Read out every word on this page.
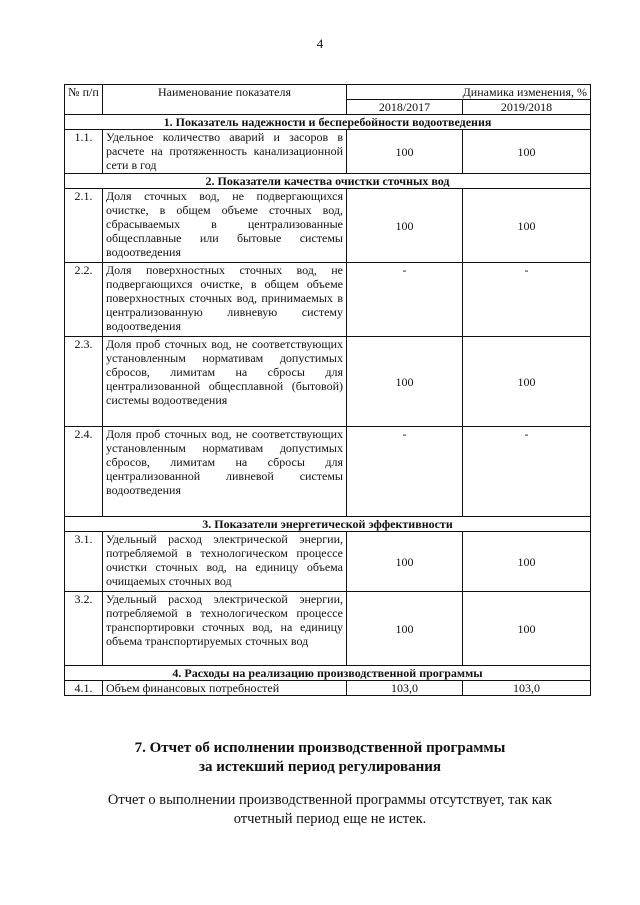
4
№ п/п	Наименование показателя	Динамика изменения, %	
		2018/2017	2019/2018
1. Показатель надежности и бесперебойности водоотведения			
1.1.	Удельное количество аварий и засоров в расчете на протяженность канализационной сети в год	100	100
2. Показатели качества очистки сточных вод			
2.1.	Доля сточных вод, не подвергающихся очистке, в общем объеме сточных вод, сбрасываемых в централизованные общесплавные или бытовые системы водоотведения	100	100
2.2.	Доля поверхностных сточных вод, не подвергающихся очистке, в общем объеме поверхностных сточных вод, принимаемых в централизованную ливневую систему водоотведения	-	-
2.3.	Доля проб сточных вод, не соответствующих установленным нормативам допустимых сбросов, лимитам на сбросы для централизованной общесплавной (бытовой) системы водоотведения	100	100
2.4.	Доля проб сточных вод, не соответствующих установленным нормативам допустимых сбросов, лимитам на сбросы для централизованной ливневой системы водоотведения	-	-
3. Показатели энергетической эффективности			
3.1.	Удельный расход электрической энергии, потребляемой в технологическом процессе очистки сточных вод, на единицу объема очищаемых сточных вод	100	100
3.2.	Удельный расход электрической энергии, потребляемой в технологическом процессе транспортировки сточных вод, на единицу объема транспортируемых сточных вод	100	100
4. Расходы на реализацию производственной программы			
4.1.	Объем финансовых потребностей	103,0	103,0
7. Отчет об исполнении производственной программы
за истекший период регулирования

Отчет о выполнении производственной программы отсутствует, так как отчетный период еще не истек.
